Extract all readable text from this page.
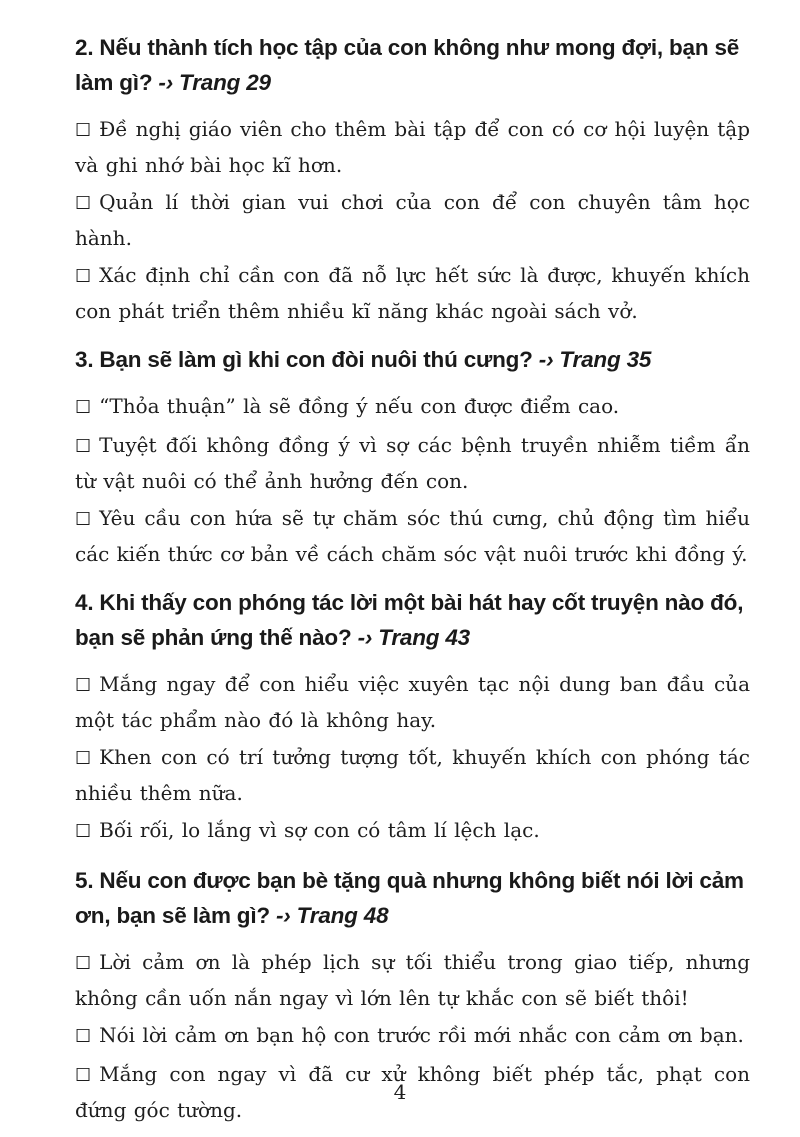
2. Nếu thành tích học tập của con không như mong đợi, bạn sẽ làm gì? -› Trang 29
☐ Đề nghị giáo viên cho thêm bài tập để con có cơ hội luyện tập và ghi nhớ bài học kĩ hơn.
☐ Quản lí thời gian vui chơi của con để con chuyên tâm học hành.
☐ Xác định chỉ cần con đã nỗ lực hết sức là được, khuyến khích con phát triển thêm nhiều kĩ năng khác ngoài sách vở.
3. Bạn sẽ làm gì khi con đòi nuôi thú cưng? -› Trang 35
☐ “Thỏa thuận” là sẽ đồng ý nếu con được điểm cao.
☐ Tuyệt đối không đồng ý vì sợ các bệnh truyền nhiễm tiềm ẩn từ vật nuôi có thể ảnh hưởng đến con.
☐ Yêu cầu con hứa sẽ tự chăm sóc thú cưng, chủ động tìm hiểu các kiến thức cơ bản về cách chăm sóc vật nuôi trước khi đồng ý.
4. Khi thấy con phóng tác lời một bài hát hay cốt truyện nào đó, bạn sẽ phản ứng thế nào? -› Trang 43
☐ Mắng ngay để con hiểu việc xuyên tạc nội dung ban đầu của một tác phẩm nào đó là không hay.
☐ Khen con có trí tưởng tượng tốt, khuyến khích con phóng tác nhiều thêm nữa.
☐ Bối rối, lo lắng vì sợ con có tâm lí lệch lạc.
5. Nếu con được bạn bè tặng quà nhưng không biết nói lời cảm ơn, bạn sẽ làm gì? -› Trang 48
☐ Lời cảm ơn là phép lịch sự tối thiểu trong giao tiếp, nhưng không cần uốn nắn ngay vì lớn lên tự khắc con sẽ biết thôi!
☐ Nói lời cảm ơn bạn hộ con trước rồi mới nhắc con cảm ơn bạn.
☐ Mắng con ngay vì đã cư xử không biết phép tắc, phạt con đứng góc tường.
4
